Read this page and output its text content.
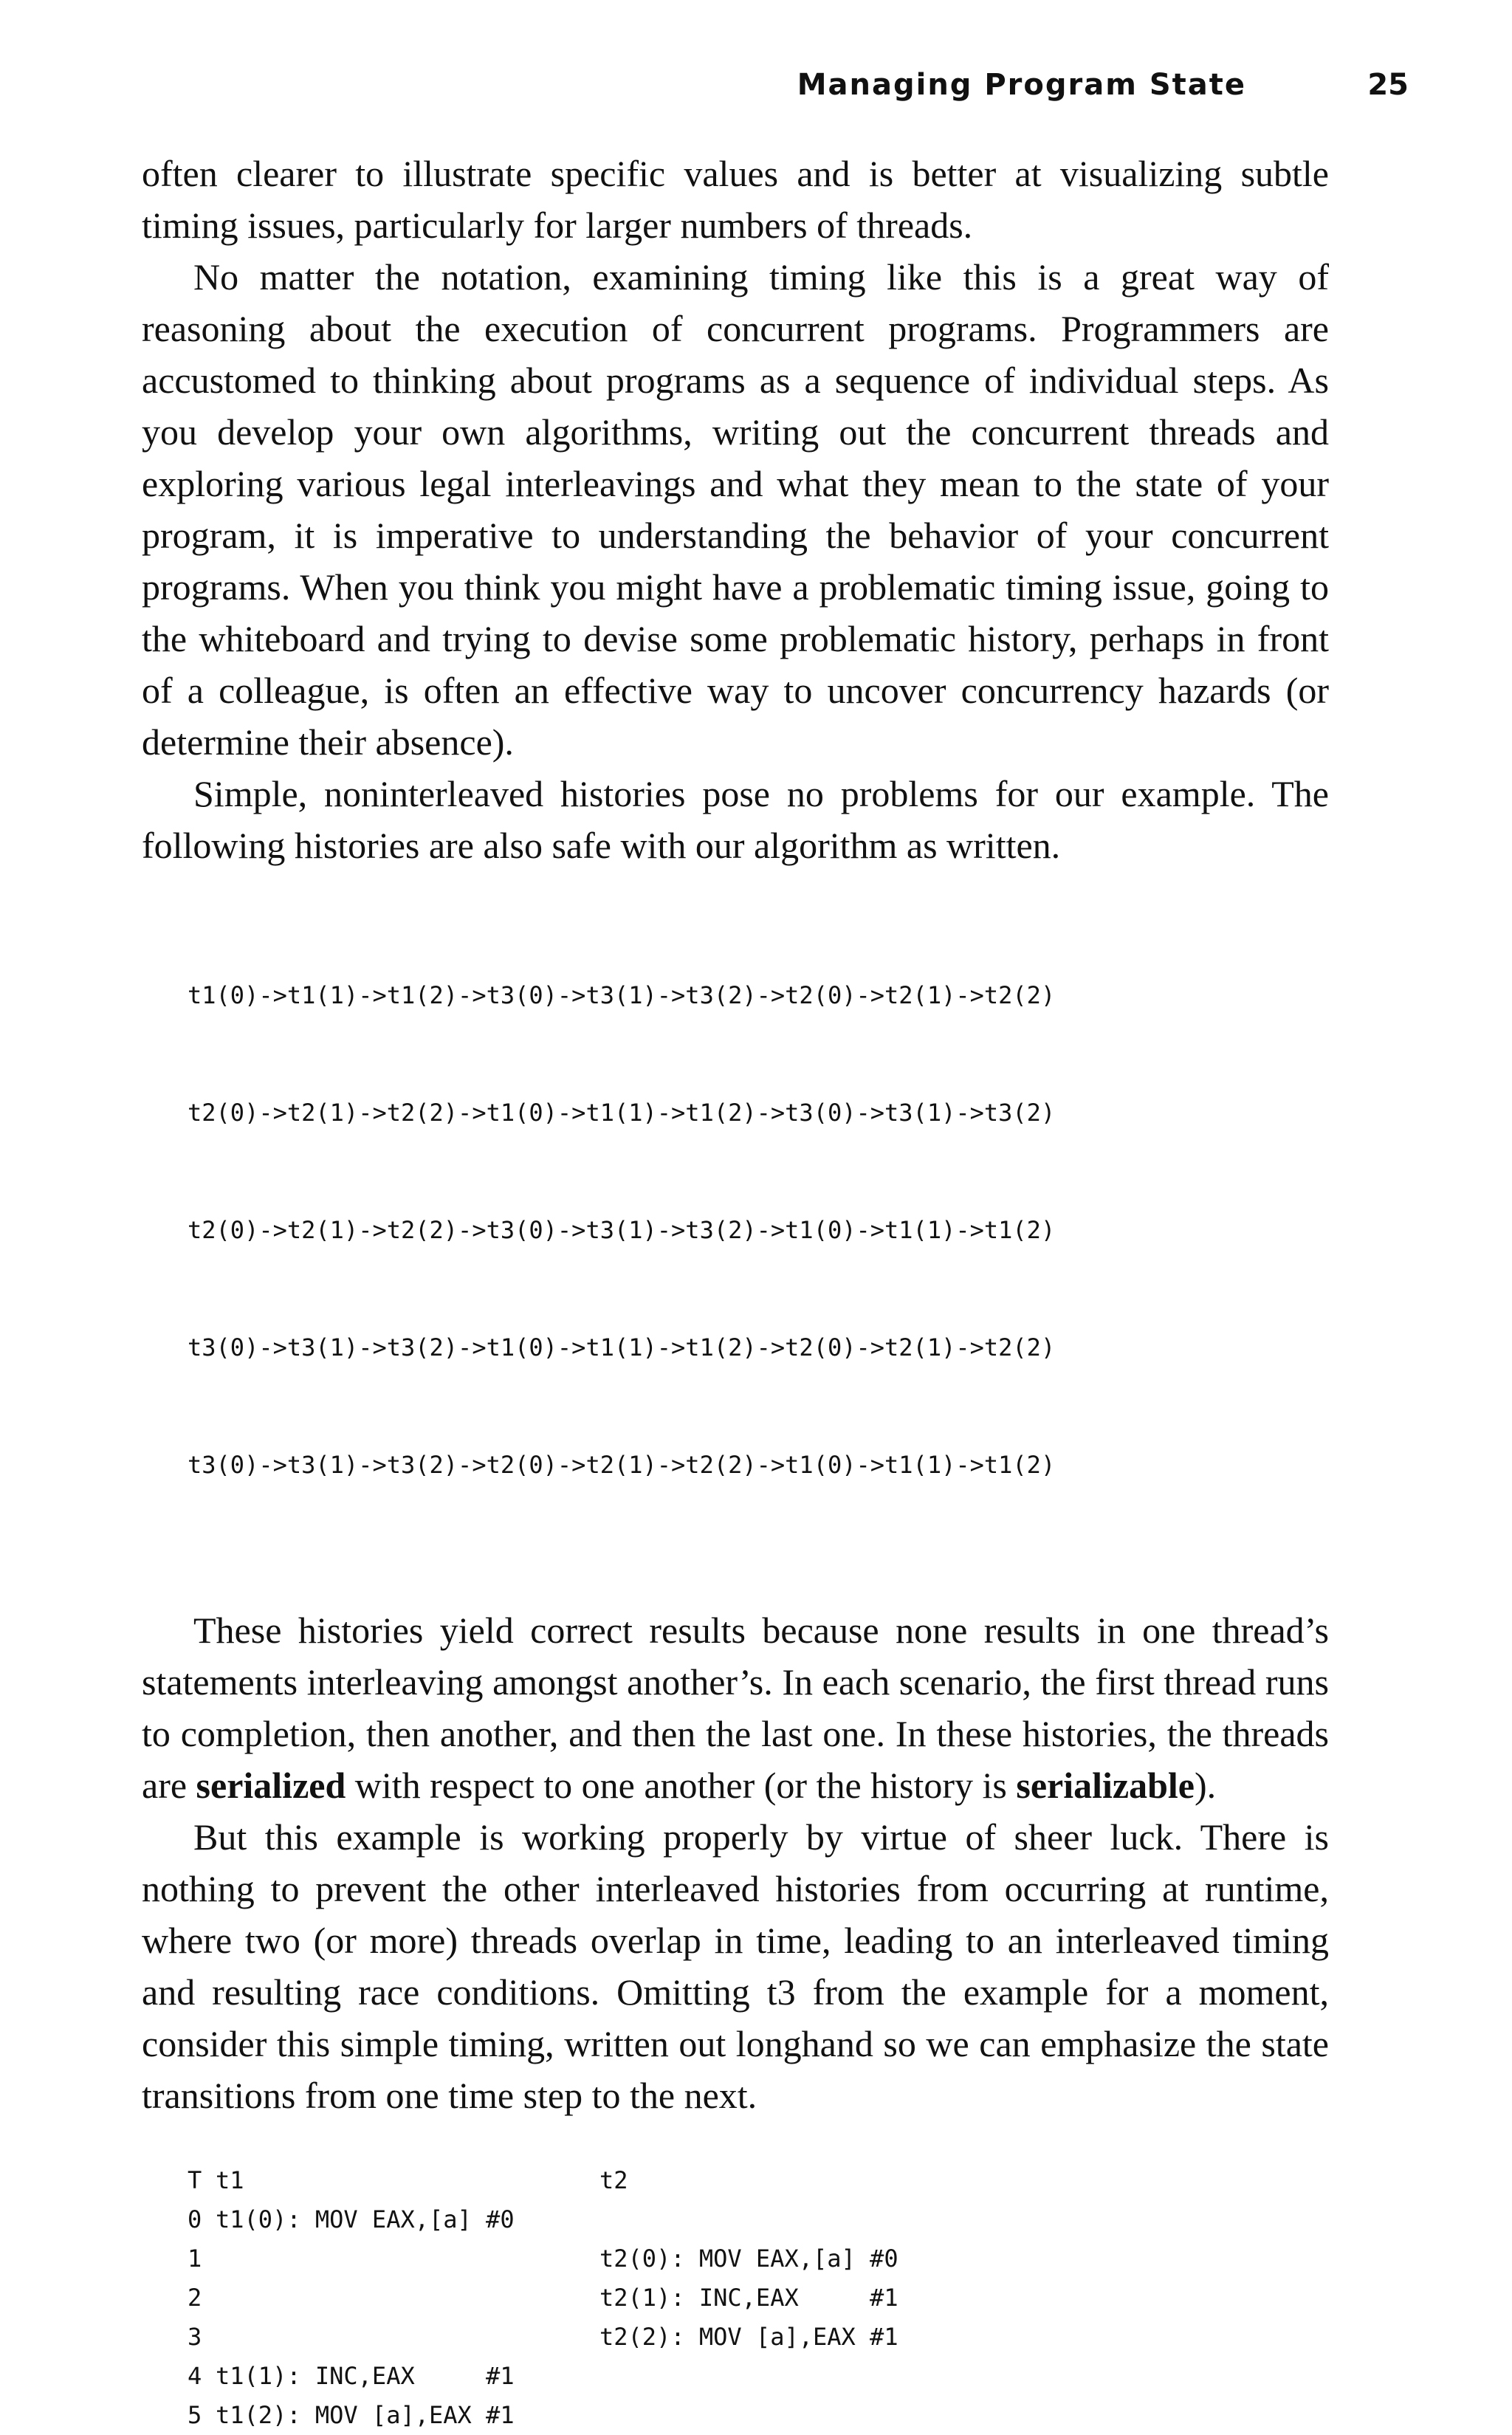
Managing Program State	25

often clearer to illustrate specific values and is better at visualizing subtle timing issues, particularly for larger numbers of threads.

No matter the notation, examining timing like this is a great way of reasoning about the execution of concurrent programs. Programmers are accustomed to thinking about programs as a sequence of individual steps. As you develop your own algorithms, writing out the concurrent threads and exploring various legal interleavings and what they mean to the state of your program, it is imperative to understanding the behavior of your concurrent programs. When you think you might have a problematic timing issue, going to the whiteboard and trying to devise some problematic history, perhaps in front of a colleague, is often an effective way to uncover concurrency hazards (or determine their absence).

Simple, noninterleaved histories pose no problems for our example. The following histories are also safe with our algorithm as written.

t1(0)->t1(1)->t1(2)->t3(0)->t3(1)->t3(2)->t2(0)->t2(1)->t2(2)

t2(0)->t2(1)->t2(2)->t1(0)->t1(1)->t1(2)->t3(0)->t3(1)->t3(2)

t2(0)->t2(1)->t2(2)->t3(0)->t3(1)->t3(2)->t1(0)->t1(1)->t1(2)

t3(0)->t3(1)->t3(2)->t1(0)->t1(1)->t1(2)->t2(0)->t2(1)->t2(2)

t3(0)->t3(1)->t3(2)->t2(0)->t2(1)->t2(2)->t1(0)->t1(1)->t1(2)

These histories yield correct results because none results in one thread’s statements interleaving amongst another’s. In each scenario, the first thread runs to completion, then another, and then the last one. In these histories, the threads are serialized with respect to one another (or the history is serializable).

But this example is working properly by virtue of sheer luck. There is nothing to prevent the other interleaved histories from occurring at runtime, where two (or more) threads overlap in time, leading to an interleaved timing and resulting race conditions. Omitting t3 from the example for a moment, consider this simple timing, written out longhand so we can emphasize the state transitions from one time step to the next.

T t1	t2
0 t1(0): MOV EAX,[a] #0
1	t2(0): MOV EAX,[a] #0
2	t2(1): INC,EAX     #1
3	t2(2): MOV [a],EAX #1
4 t1(1): INC,EAX     #1
5 t1(2): MOV [a],EAX #1
